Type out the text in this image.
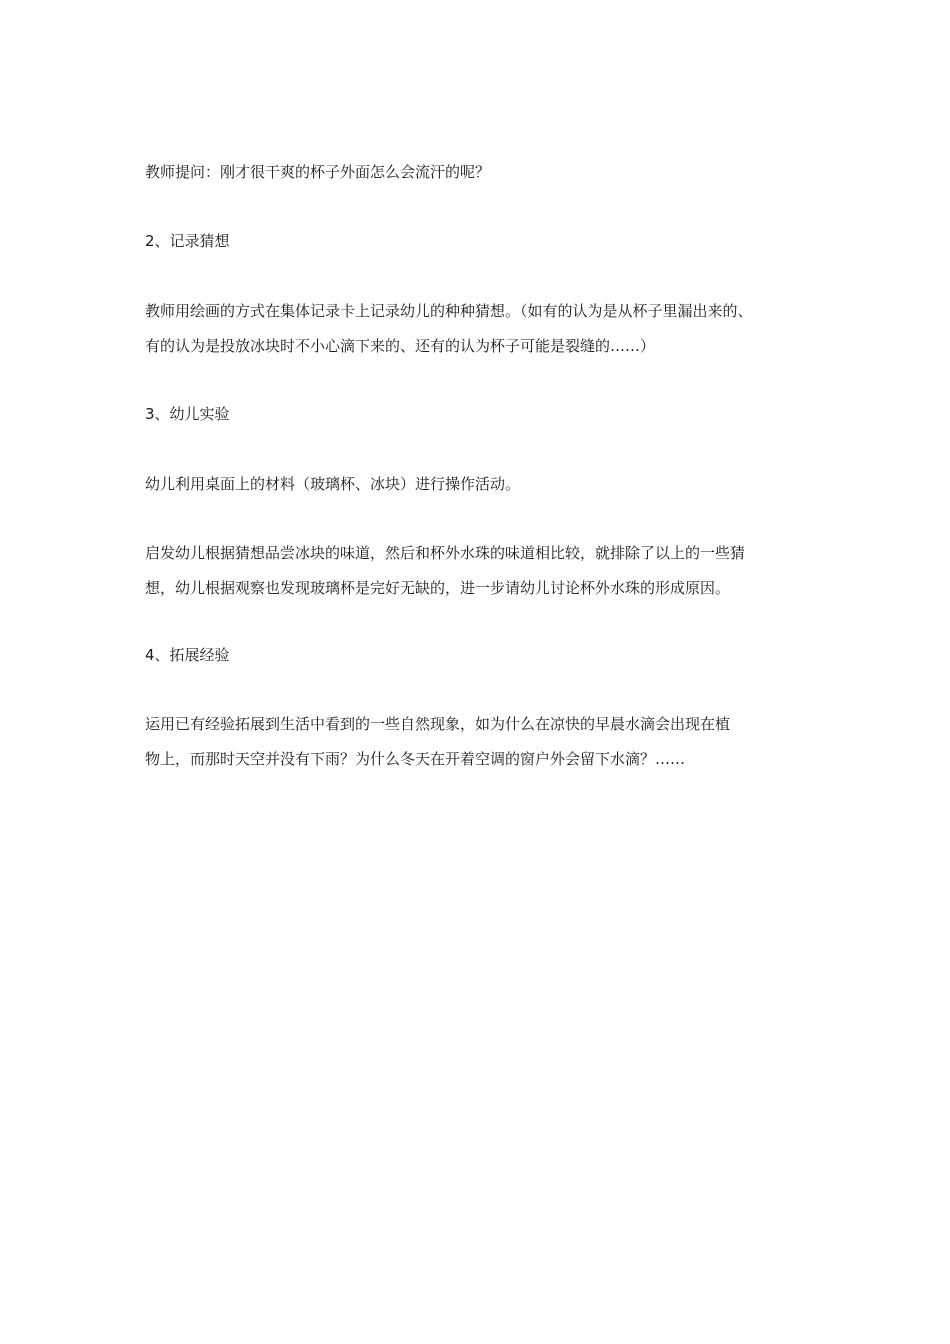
教师提问：刚才很干爽的杯子外面怎么会流汗的呢？

2、记录猜想

教师用绘画的方式在集体记录卡上记录幼儿的种种猜想。（如有的认为是从杯子里漏出来的、
有的认为是投放冰块时不小心滴下来的、还有的认为杯子可能是裂缝的……）

3、幼儿实验

幼儿利用桌面上的材料（玻璃杯、冰块）进行操作活动。

启发幼儿根据猜想品尝冰块的味道，然后和杯外水珠的味道相比较，就排除了以上的一些猜
想，幼儿根据观察也发现玻璃杯是完好无缺的，进一步请幼儿讨论杯外水珠的形成原因。

4、拓展经验

运用已有经验拓展到生活中看到的一些自然现象，如为什么在凉快的早晨水滴会出现在植
物上，而那时天空并没有下雨？为什么冬天在开着空调的窗户外会留下水滴？……
